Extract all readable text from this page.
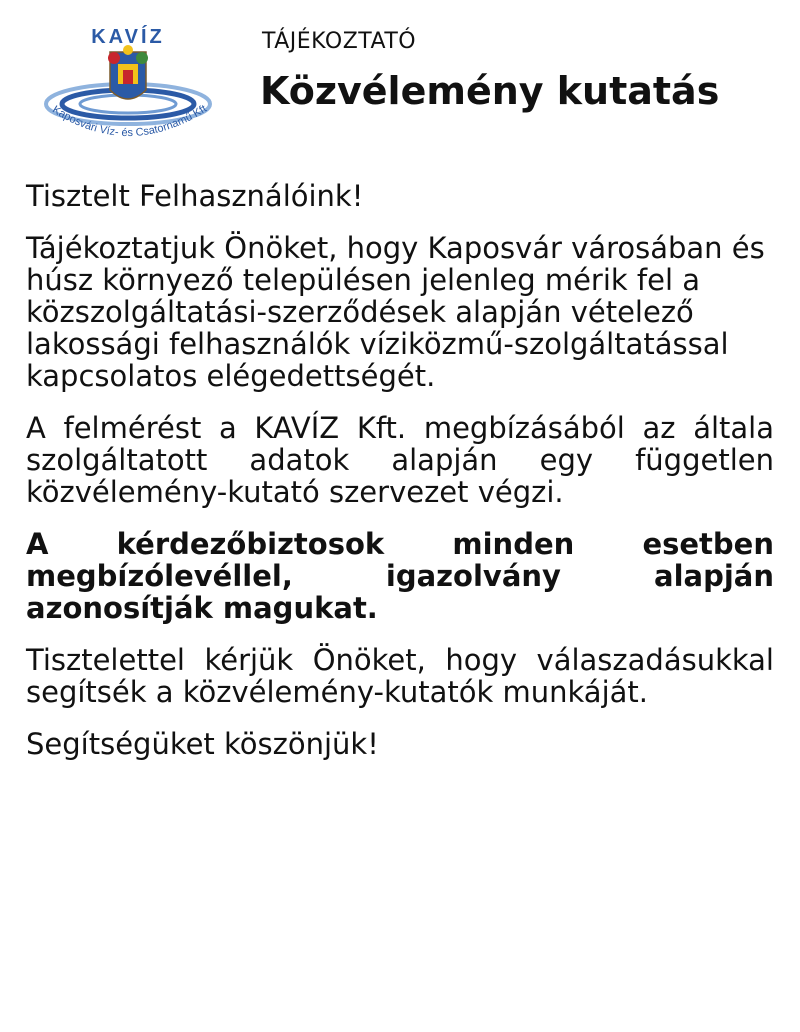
KAVÍZ
Kaposvári Víz- és Csatornamű Kft
TÁJÉKOZTATÓ
Közvélemény kutatás

Tisztelt Felhasználóink!

Tájékoztatjuk Önöket, hogy Kaposvár városában és húsz környező településen jelenleg mérik fel a közszolgáltatási-szerződések alapján vételező lakossági felhasználók víziközmű-szolgáltatással kapcsolatos elégedettségét.

A felmérést a KAVÍZ Kft. megbízásából az általa szolgáltatott adatok alapján egy független közvélemény-kutató szervezet végzi.

A kérdezőbiztosok minden esetben megbízólevéllel, igazolvány alapján azonosítják magukat.

Tisztelettel kérjük Önöket, hogy válaszadásukkal segítsék a közvélemény-kutatók munkáját.

Segítségüket köszönjük!
